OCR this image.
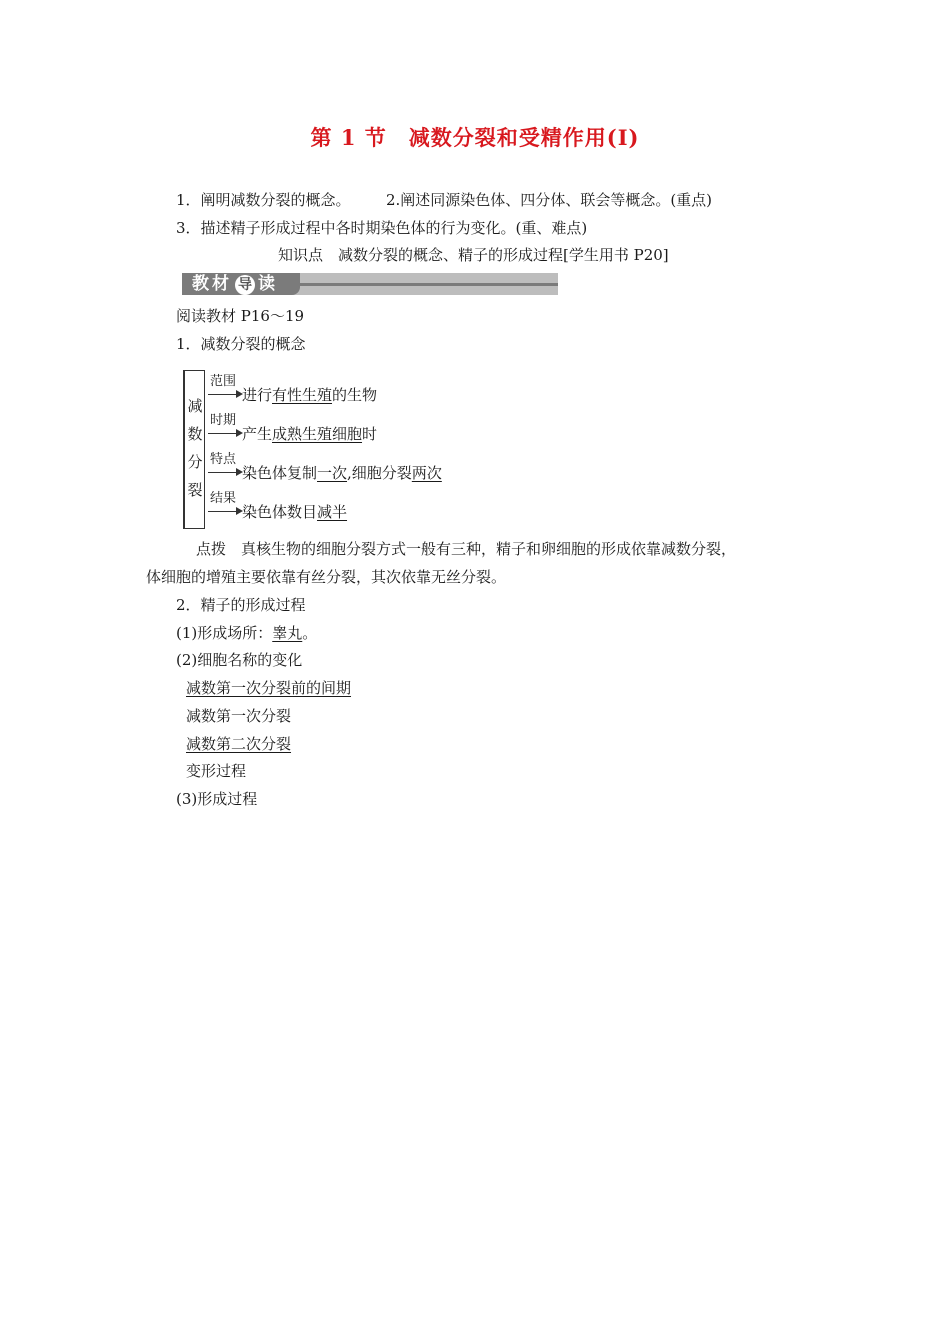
第 1 节　减数分裂和受精作用(Ⅰ)
1．阐明减数分裂的概念。 2.阐述同源染色体、四分体、联会等概念。(重点)
3．描述精子形成过程中各时期染色体的行为变化。(重、难点)
知识点　减数分裂的概念、精子的形成过程[学生用书 P20]
教材 导 读
阅读教材 P16～19
1．减数分裂的概念
减
数
分
裂
范围
进行有性生殖的生物
时期
产生成熟生殖细胞时
特点
染色体复制一次,细胞分裂两次
结果
染色体数目减半
点拨　真核生物的细胞分裂方式一般有三种，精子和卵细胞的形成依靠减数分裂，
体细胞的增殖主要依靠有丝分裂，其次依靠无丝分裂。
2．精子的形成过程
(1)形成场所：睾丸。
(2)细胞名称的变化
减数第一次分裂前的间期
减数第一次分裂
减数第二次分裂
变形过程
(3)形成过程
